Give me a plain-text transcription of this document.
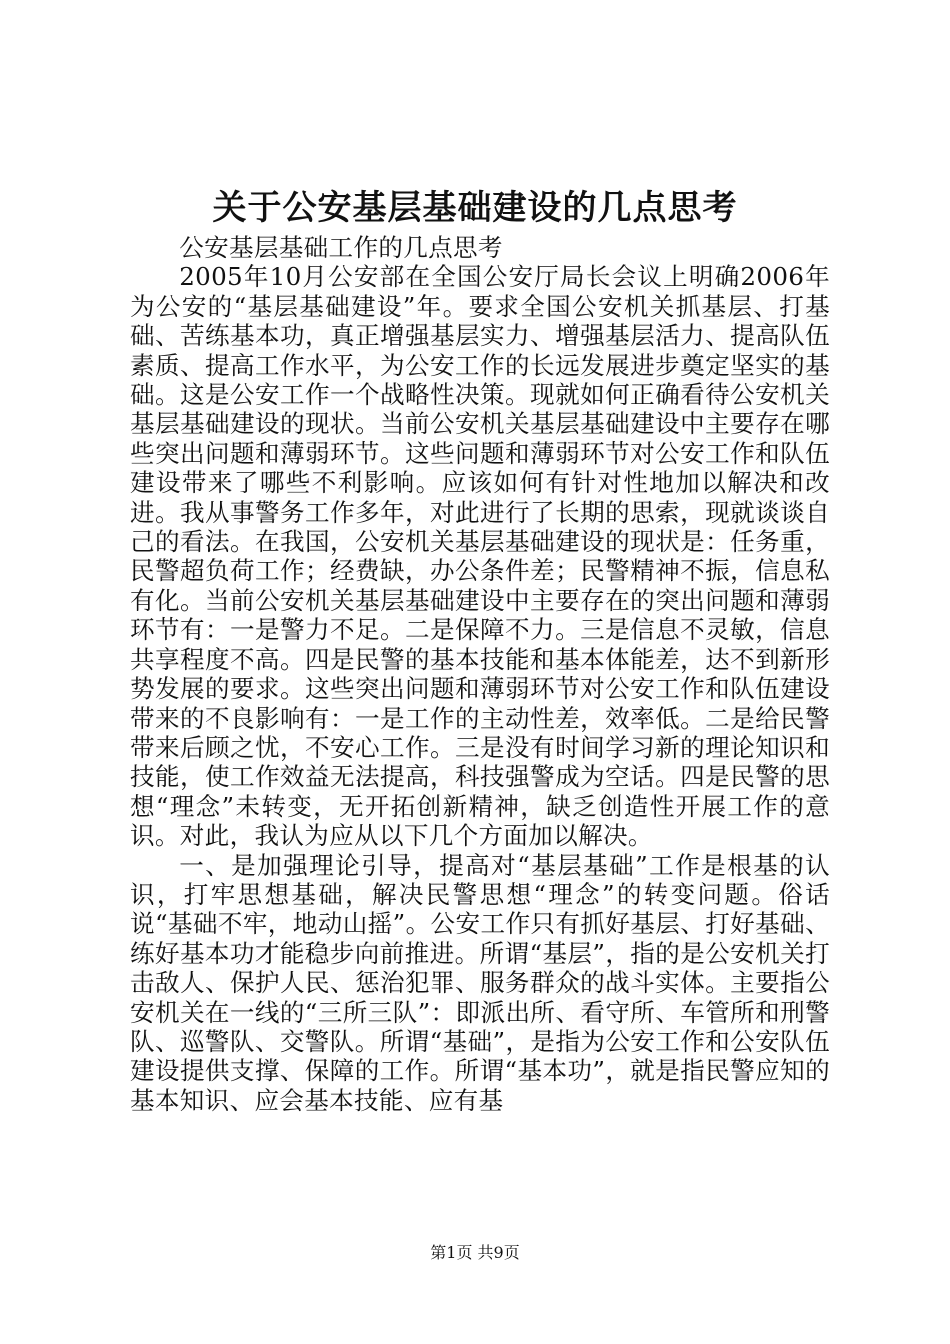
关于公安基层基础建设的几点思考

公安基层基础工作的几点思考

2005年10月公安部在全国公安厅局长会议上明确2006年为公安的“基层基础建设”年。要求全国公安机关抓基层、打基础、苦练基本功，真正增强基层实力、增强基层活力、提高队伍素质、提高工作水平，为公安工作的长远发展进步奠定坚实的基础。这是公安工作一个战略性决策。现就如何正确看待公安机关基层基础建设的现状。当前公安机关基层基础建设中主要存在哪些突出问题和薄弱环节。这些问题和薄弱环节对公安工作和队伍建设带来了哪些不利影响。应该如何有针对性地加以解决和改进。我从事警务工作多年，对此进行了长期的思索，现就谈谈自己的看法。在我国，公安机关基层基础建设的现状是：任务重，民警超负荷工作；经费缺，办公条件差；民警精神不振，信息私有化。当前公安机关基层基础建设中主要存在的突出问题和薄弱环节有：一是警力不足。二是保障不力。三是信息不灵敏，信息共享程度不高。四是民警的基本技能和基本体能差，达不到新形势发展的要求。这些突出问题和薄弱环节对公安工作和队伍建设带来的不良影响有：一是工作的主动性差，效率低。二是给民警带来后顾之忧，不安心工作。三是没有时间学习新的理论知识和技能，使工作效益无法提高，科技强警成为空话。四是民警的思想“理念”未转变，无开拓创新精神，缺乏创造性开展工作的意识。对此，我认为应从以下几个方面加以解决。

一、是加强理论引导，提高对“基层基础”工作是根基的认识，打牢思想基础，解决民警思想“理念”的转变问题。俗话说“基础不牢，地动山摇”。公安工作只有抓好基层、打好基础、练好基本功才能稳步向前推进。所谓“基层”，指的是公安机关打击敌人、保护人民、惩治犯罪、服务群众的战斗实体。主要指公安机关在一线的“三所三队”：即派出所、看守所、车管所和刑警队、巡警队、交警队。所谓“基础”，是指为公安工作和公安队伍建设提供支撑、保障的工作。所谓“基本功”，就是指民警应知的基本知识、应会基本技能、应有基

第1页 共9页
